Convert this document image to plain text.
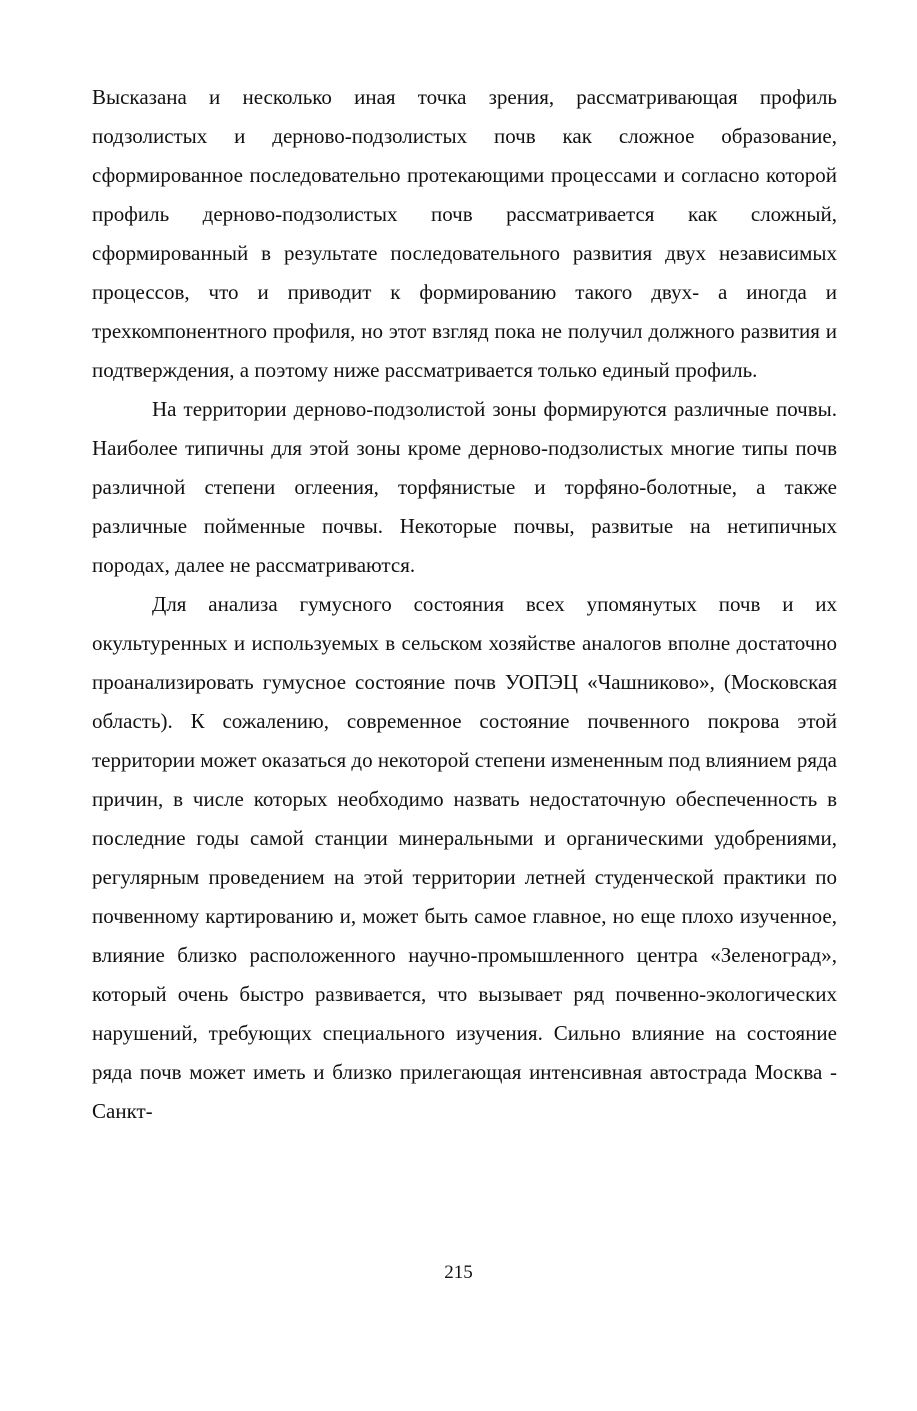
Высказана и несколько иная точка зрения, рассматривающая профиль подзолистых и дерново-подзолистых почв как сложное образование, сформированное последовательно протекающими процессами и согласно которой профиль дерново-подзолистых почв рассматривается как сложный, сформированный в результате последовательного развития двух независимых процессов, что и приводит к формированию такого двух- а иногда и трехкомпонентного профиля, но этот взгляд пока не получил должного развития и подтверждения, а поэтому ниже рассматривается только единый профиль.

На территории дерново-подзолистой зоны формируются различные почвы. Наиболее типичны для этой зоны кроме дерново-подзолистых многие типы почв различной степени оглеения, торфянистые и торфяно-болотные, а также различные пойменные почвы. Некоторые почвы, развитые на нетипичных породах, далее не рассматриваются.

Для анализа гумусного состояния всех упомянутых почв и их окультуренных и используемых в сельском хозяйстве аналогов вполне достаточно проанализировать гумусное состояние почв УОПЭЦ «Чашниково», (Московская область). К сожалению, современное состояние почвенного покрова этой территории может оказаться до некоторой степени измененным под влиянием ряда причин, в числе которых необходимо назвать недостаточную обеспеченность в последние годы самой станции минеральными и органическими удобрениями, регулярным проведением на этой территории летней студенческой практики по почвенному картированию и, может быть самое главное, но еще плохо изученное, влияние близко расположенного научно-промышленного центра «Зеленоград», который очень быстро развивается, что вызывает ряд почвенно-экологических нарушений, требующих специального изучения. Сильно влияние на состояние ряда почв может иметь и близко прилегающая интенсивная автострада Москва - Санкт-

215
